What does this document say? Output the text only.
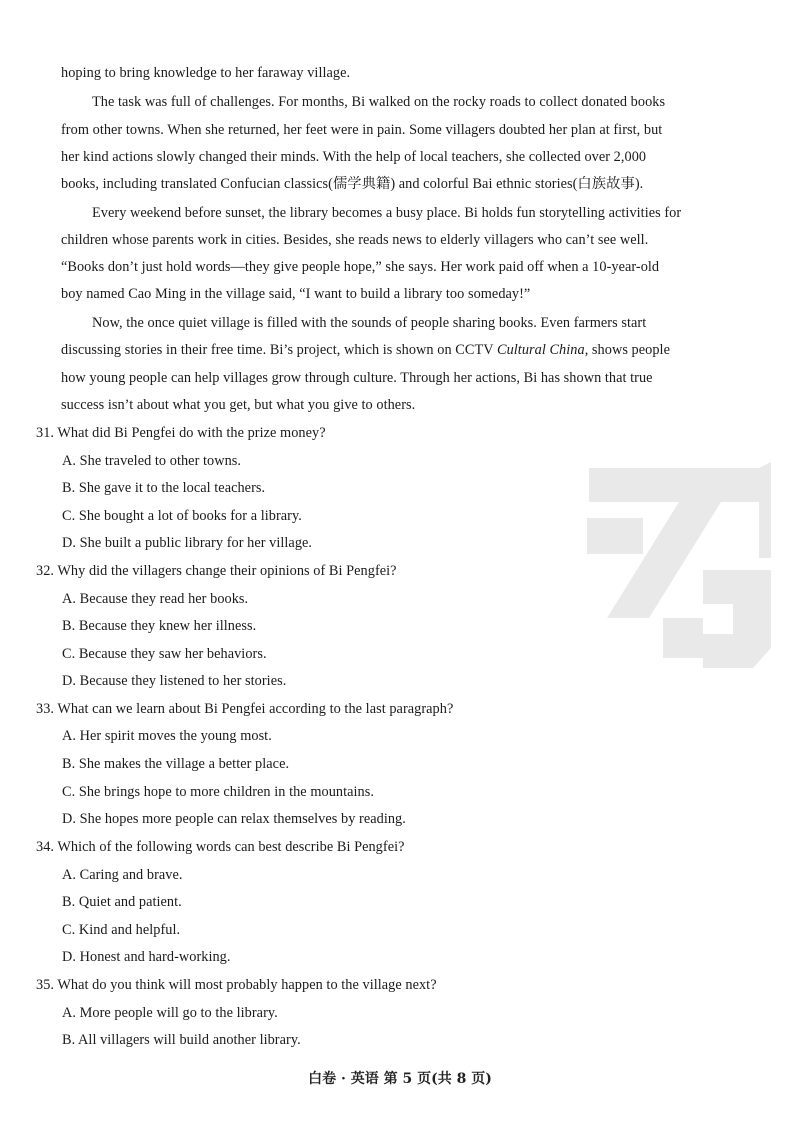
hoping to bring knowledge to her faraway village.
The task was full of challenges. For months, Bi walked on the rocky roads to collect donated books
from other towns. When she returned, her feet were in pain. Some villagers doubted her plan at first, but
her kind actions slowly changed their minds. With the help of local teachers, she collected over 2,000
books, including translated Confucian classics(儒学典籍) and colorful Bai ethnic stories(白族故事).
Every weekend before sunset, the library becomes a busy place. Bi holds fun storytelling activities for
children whose parents work in cities. Besides, she reads news to elderly villagers who can’t see well.
“Books don’t just hold words—they give people hope,” she says. Her work paid off when a 10-year-old
boy named Cao Ming in the village said, “I want to build a library too someday!”
Now, the once quiet village is filled with the sounds of people sharing books. Even farmers start
discussing stories in their free time. Bi’s project, which is shown on CCTV Cultural China, shows people
how young people can help villages grow through culture. Through her actions, Bi has shown that true
success isn’t about what you get, but what you give to others.
31. What did Bi Pengfei do with the prize money?
A. She traveled to other towns.
B. She gave it to the local teachers.
C. She bought a lot of books for a library.
D. She built a public library for her village.
32. Why did the villagers change their opinions of Bi Pengfei?
A. Because they read her books.
B. Because they knew her illness.
C. Because they saw her behaviors.
D. Because they listened to her stories.
33. What can we learn about Bi Pengfei according to the last paragraph?
A. Her spirit moves the young most.
B. She makes the village a better place.
C. She brings hope to more children in the mountains.
D. She hopes more people can relax themselves by reading.
34. Which of the following words can best describe Bi Pengfei?
A. Caring and brave.
B. Quiet and patient.
C. Kind and helpful.
D. Honest and hard-working.
35. What do you think will most probably happen to the village next?
A. More people will go to the library.
B. All villagers will build another library.
白卷 · 英语 第 5 页(共 8 页)
